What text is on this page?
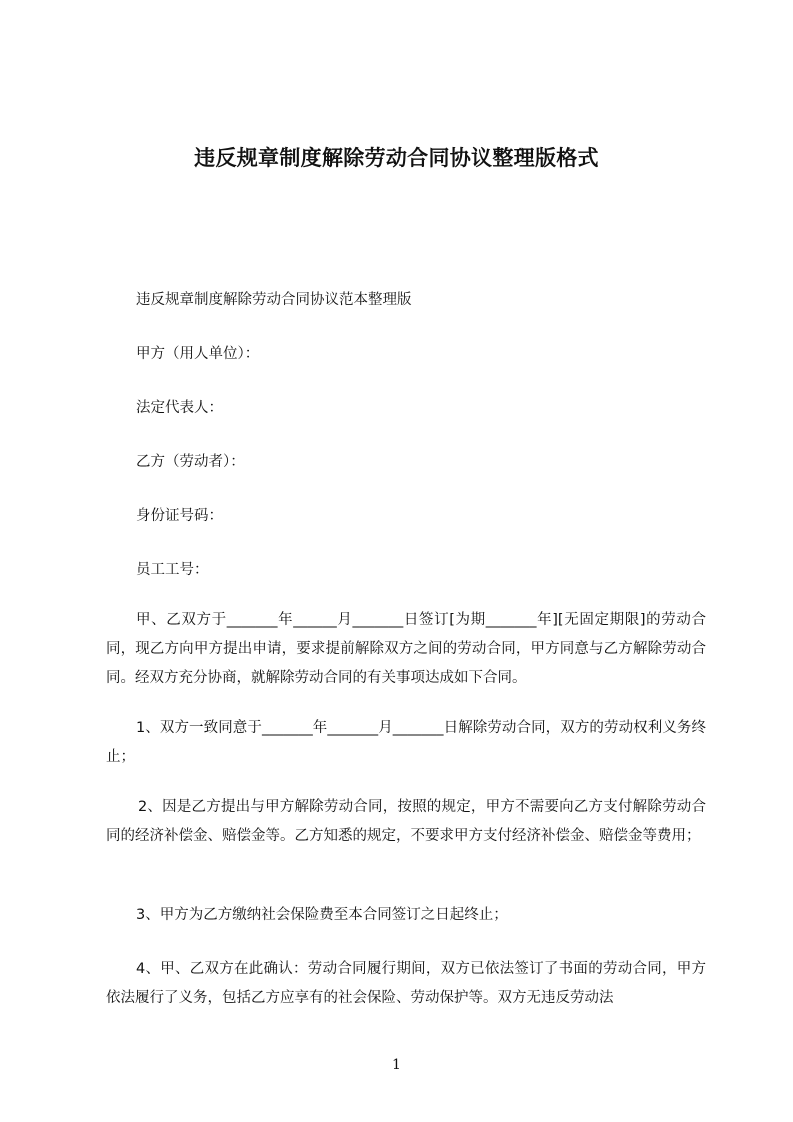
违反规章制度解除劳动合同协议整理版格式
违反规章制度解除劳动合同协议范本整理版
甲方（用人单位）：
法定代表人：
乙方（劳动者）：
身份证号码：
员工工号：
甲、乙双方于_______年______月_______日签订[为期_______年][无固定期限]的劳动合同，现乙方向甲方提出申请，要求提前解除双方之间的劳动合同，甲方同意与乙方解除劳动合同。经双方充分协商，就解除劳动合同的有关事项达成如下合同。
1、双方一致同意于_______年_______月_______日解除劳动合同，双方的劳动权利义务终止；
2、因是乙方提出与甲方解除劳动合同，按照的规定，甲方不需要向乙方支付解除劳动合同的经济补偿金、赔偿金等。乙方知悉的规定，不要求甲方支付经济补偿金、赔偿金等费用；
3、甲方为乙方缴纳社会保险费至本合同签订之日起终止；
4、甲、乙双方在此确认：劳动合同履行期间，双方已依法签订了书面的劳动合同，甲方依法履行了义务，包括乙方应享有的社会保险、劳动保护等。双方无违反劳动法
1
